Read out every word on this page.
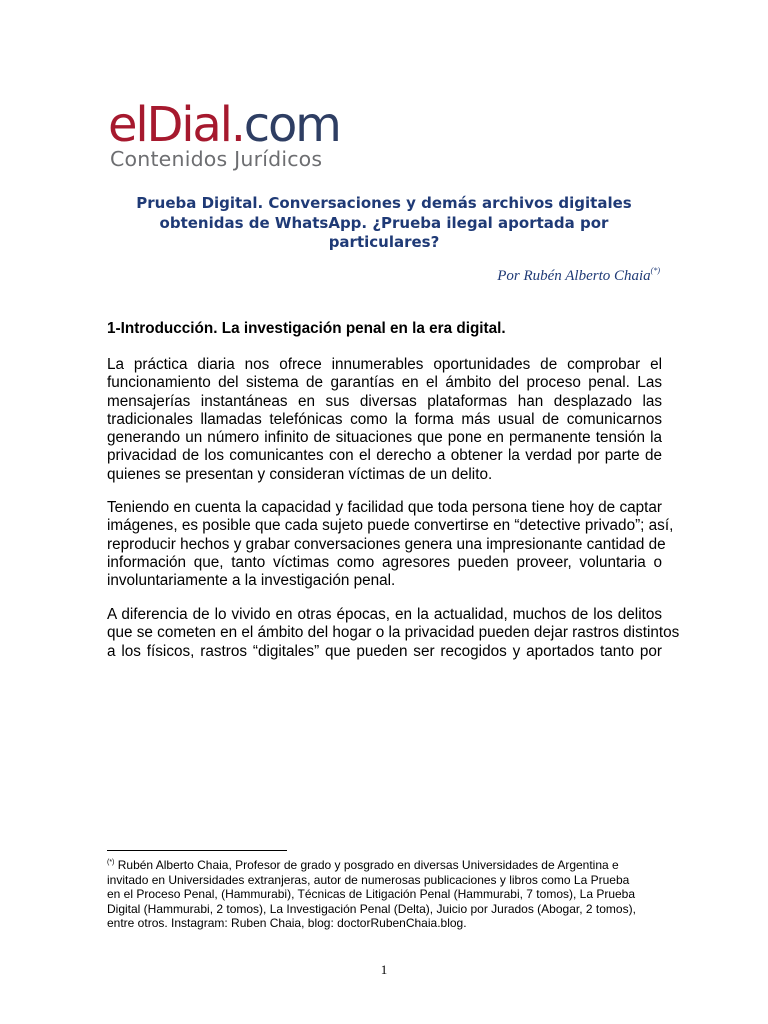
elDial.com
Contenidos Jurídicos
Prueba Digital. Conversaciones y demás archivos digitales
obtenidas de WhatsApp. ¿Prueba ilegal aportada por
particulares?
Por Rubén Alberto Chaia(*)
1-Introducción. La investigación penal en la era digital.
La práctica diaria nos ofrece innumerables oportunidades de comprobar el
funcionamiento del sistema de garantías en el ámbito del proceso penal. Las
mensajerías instantáneas en sus diversas plataformas han desplazado las
tradicionales llamadas telefónicas como la forma más usual de comunicarnos
generando un número infinito de situaciones que pone en permanente tensión la
privacidad de los comunicantes con el derecho a obtener la verdad por parte de
quienes se presentan y consideran víctimas de un delito.
Teniendo en cuenta la capacidad y facilidad que toda persona tiene hoy de captar
imágenes, es posible que cada sujeto puede convertirse en “detective privado”; así,
reproducir hechos y grabar conversaciones genera una impresionante cantidad de
información que, tanto víctimas como agresores pueden proveer, voluntaria o
involuntariamente a la investigación penal.
A diferencia de lo vivido en otras épocas, en la actualidad, muchos de los delitos
que se cometen en el ámbito del hogar o la privacidad pueden dejar rastros distintos
a los físicos, rastros “digitales” que pueden ser recogidos y aportados tanto por
(*) Rubén Alberto Chaia, Profesor de grado y posgrado en diversas Universidades de Argentina e
invitado en Universidades extranjeras, autor de numerosas publicaciones y libros como La Prueba
en el Proceso Penal, (Hammurabi), Técnicas de Litigación Penal (Hammurabi, 7 tomos), La Prueba
Digital (Hammurabi, 2 tomos), La Investigación Penal (Delta), Juicio por Jurados (Abogar, 2 tomos),
entre otros. Instagram: Ruben Chaia, blog: doctorRubenChaia.blog.
1
